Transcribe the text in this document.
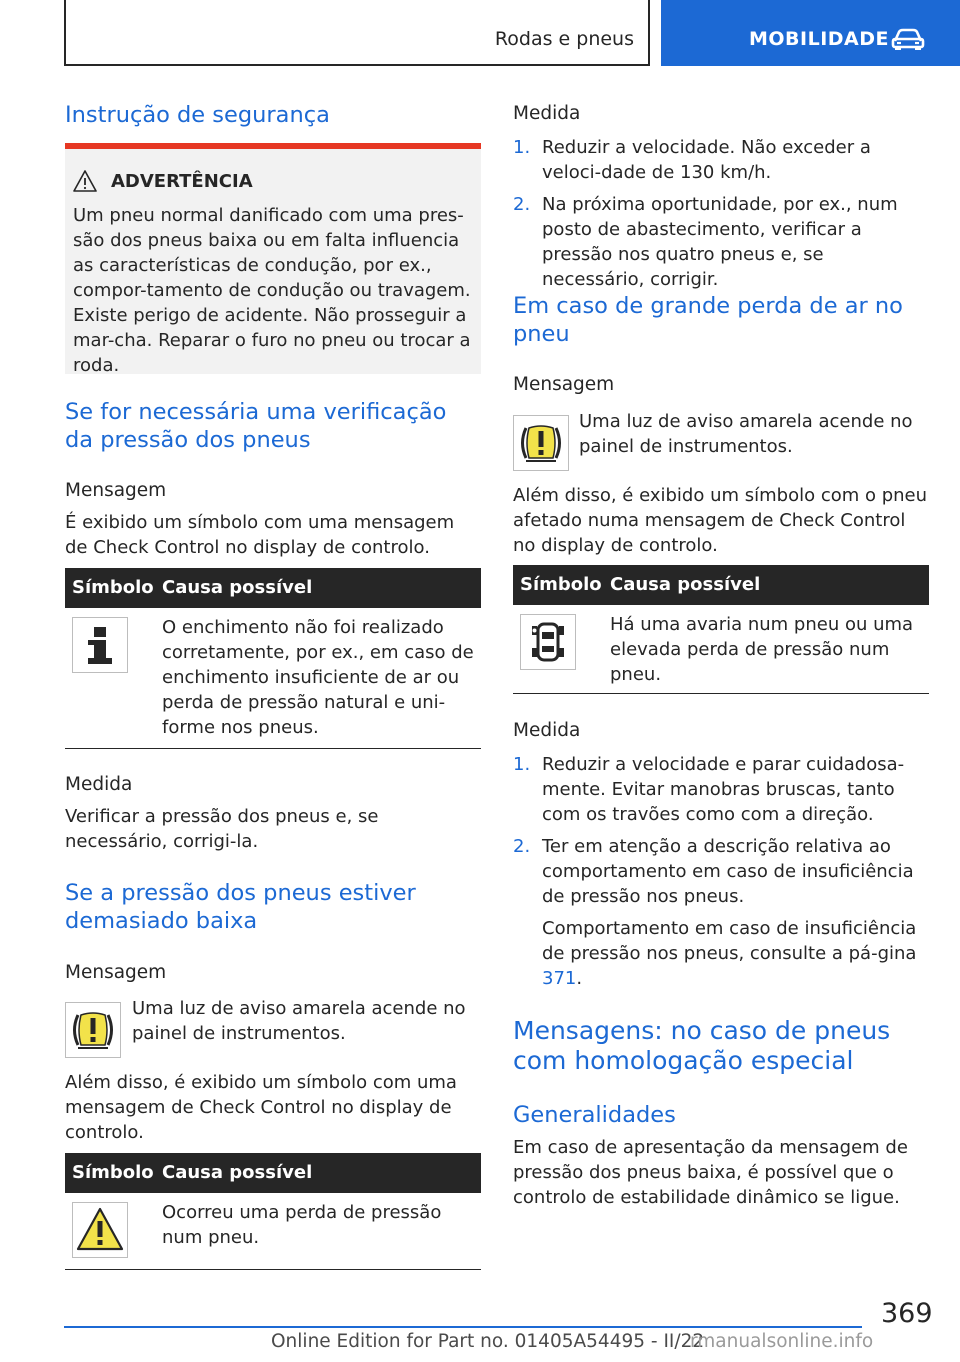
Rodas e pneus	MOBILIDADE
Instrução de segurança
ADVERTÊNCIA
Um pneu normal danificado com uma pres-são dos pneus baixa ou em falta influencia as características de condução, por ex., compor-tamento de condução ou travagem. Existe perigo de acidente. Não prosseguir a mar-cha. Reparar o furo no pneu ou trocar a roda.
Se for necessária uma verificação da pressão dos pneus
Mensagem
É exibido um símbolo com uma mensagem de Check Control no display de controlo.
Símbolo Causa possível
O enchimento não foi realizado corretamente, por ex., em caso de enchimento insuficiente de ar ou perda de pressão natural e uni-forme nos pneus.
Medida
Verificar a pressão dos pneus e, se necessário, corrigi-la.
Se a pressão dos pneus estiver demasiado baixa
Mensagem
Uma luz de aviso amarela acende no painel de instrumentos.
Além disso, é exibido um símbolo com uma mensagem de Check Control no display de controlo.
Símbolo Causa possível
Ocorreu uma perda de pressão num pneu.
Medida
1. Reduzir a velocidade. Não exceder a veloci-dade de 130 km/h.
2. Na próxima oportunidade, por ex., num posto de abastecimento, verificar a pressão nos quatro pneus e, se necessário, corrigir.
Em caso de grande perda de ar no pneu
Mensagem
Uma luz de aviso amarela acende no painel de instrumentos.
Além disso, é exibido um símbolo com o pneu afetado numa mensagem de Check Control no display de controlo.
Símbolo Causa possível
Há uma avaria num pneu ou uma elevada perda de pressão num pneu.
Medida
1. Reduzir a velocidade e parar cuidadosa-mente. Evitar manobras bruscas, tanto com os travões como com a direção.
2. Ter em atenção a descrição relativa ao comportamento em caso de insuficiência de pressão nos pneus.
Comportamento em caso de insuficiência de pressão nos pneus, consulte a pá-gina 371.
Mensagens: no caso de pneus com homologação especial
Generalidades
Em caso de apresentação da mensagem de pressão dos pneus baixa, é possível que o controlo de estabilidade dinâmico se ligue.
369
Online Edition for Part no. 01405A54495 - II/22
rmanualsonline.info
